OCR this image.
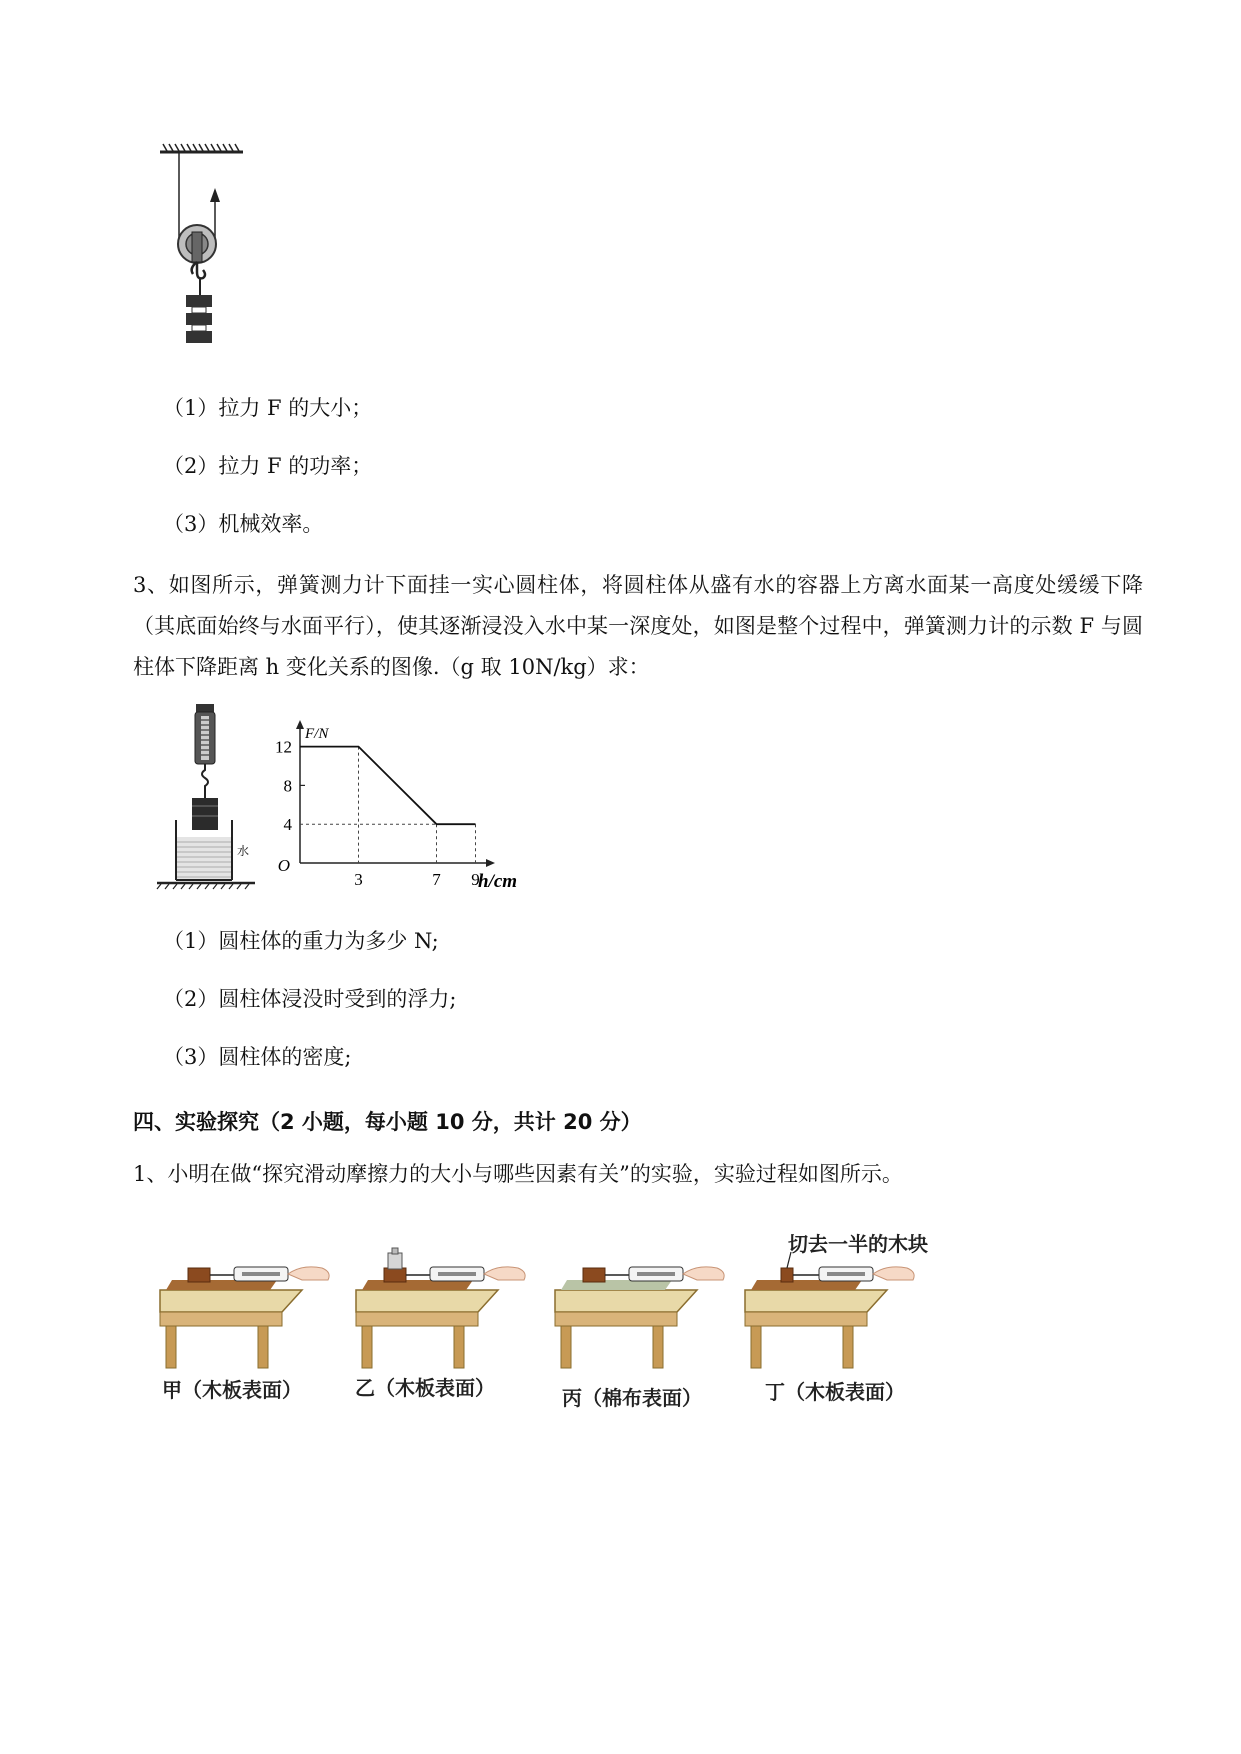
（1）拉力 F 的大小；
（2）拉力 F 的功率；
（3）机械效率。
3、如图所示，弹簧测力计下面挂一实心圆柱体，将圆柱体从盛有水的容器上方离水面某一高度处缓缓下降（其底面始终与水面平行），使其逐渐浸没入水中某一深度处，如图是整个过程中，弹簧测力计的示数 F 与圆柱体下降距离 h 变化关系的图像.（g 取 10N/kg）求：
水
3	7 9
12
8
4
O
F/N
h/cm
（1）圆柱体的重力为多少 N;
（2）圆柱体浸没时受到的浮力;
（3）圆柱体的密度;
四、实验探究（2 小题，每小题 10 分，共计 20 分）
1、小明在做“探究滑动摩擦力的大小与哪些因素有关”的实验，实验过程如图所示。
切去一半的木块
甲（木板表面）	乙（木板表面）	丙（棉布表面）	丁（木板表面）
